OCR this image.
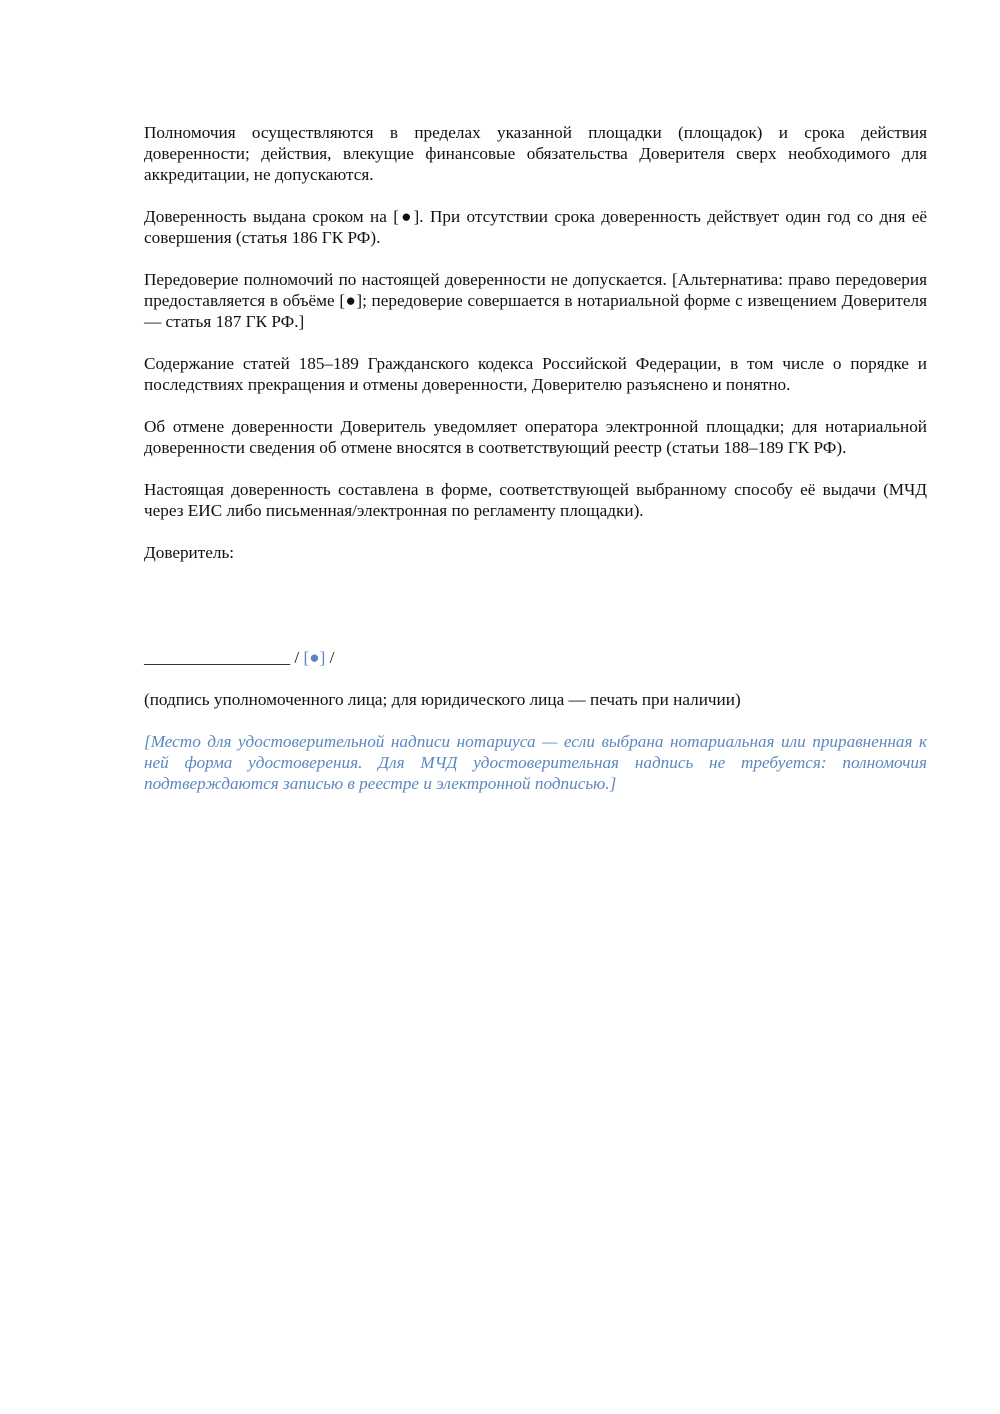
Полномочия осуществляются в пределах указанной площадки (площадок) и срока действия доверенности; действия, влекущие финансовые обязательства Доверителя сверх необходимого для аккредитации, не допускаются.

Доверенность выдана сроком на [●]. При отсутствии срока доверенность действует один год со дня её совершения (статья 186 ГК РФ).

Передоверие полномочий по настоящей доверенности не допускается. [Альтернатива: право передоверия предоставляется в объёме [●]; передоверие совершается в нотариальной форме с извещением Доверителя — статья 187 ГК РФ.]

Содержание статей 185–189 Гражданского кодекса Российской Федерации, в том числе о порядке и последствиях прекращения и отмены доверенности, Доверителю разъяснено и понятно.

Об отмене доверенности Доверитель уведомляет оператора электронной площадки; для нотариальной доверенности сведения об отмене вносятся в соответствующий реестр (статьи 188–189 ГК РФ).

Настоящая доверенность составлена в форме, соответствующей выбранному способу её выдачи (МЧД через ЕИС либо письменная/электронная по регламенту площадки).

Доверитель:

_________________ / [●] /

(подпись уполномоченного лица; для юридического лица — печать при наличии)

[Место для удостоверительной надписи нотариуса — если выбрана нотариальная или приравненная к ней форма удостоверения. Для МЧД удостоверительная надпись не требуется: полномочия подтверждаются записью в реестре и электронной подписью.]
